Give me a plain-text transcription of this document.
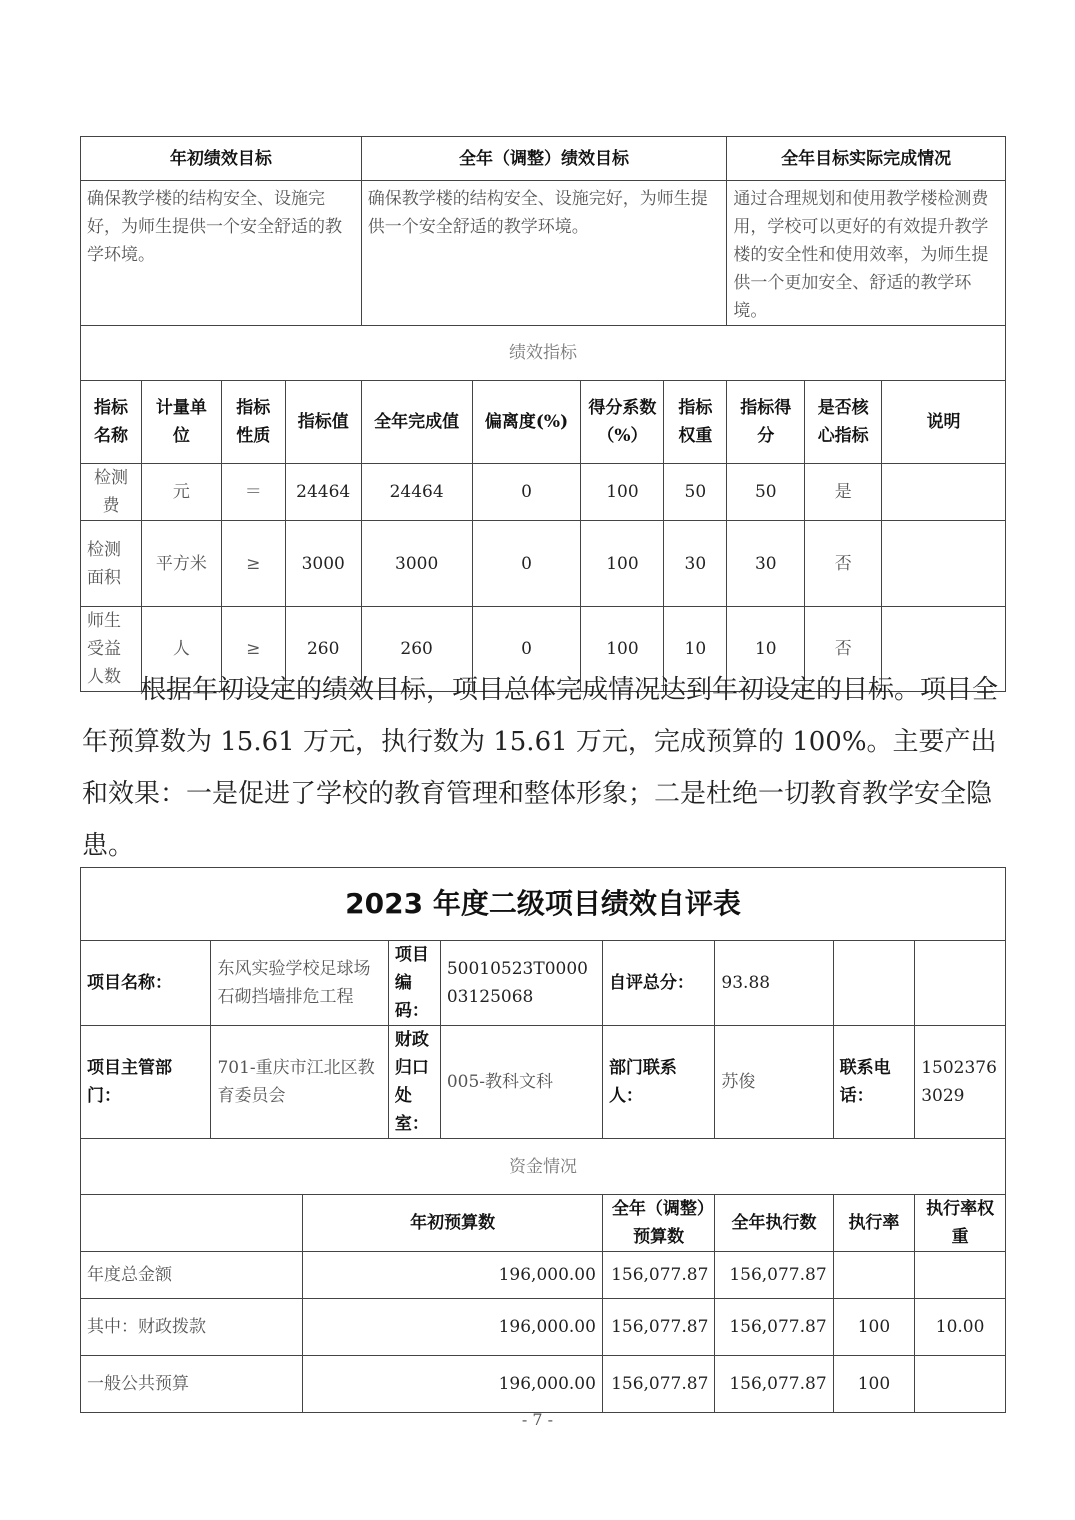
年初绩效目标				全年（调整）绩效目标				全年目标实际完成情况		
确保教学楼的结构安全、设施完好，为师生提供一个安全舒适的教学环境。				确保教学楼的结构安全、设施完好，为师生提供一个安全舒适的教学环境。				通过合理规划和使用教学楼检测费用，学校可以更好的有效提升教学楼的安全性和使用效率，为师生提供一个更加安全、舒适的教学环境。		
绩效指标										
指标名称	计量单位	指标性质	指标值	全年完成值	偏离度(%)	得分系数（%）	指标权重	指标得分	是否核心指标	说明
检测费	元	＝	24464	24464	0	100	50	50	是	
检测面积	平方米	≥	3000	3000	0	100	30	30	否	
师生受益人数	人	≥	260	260	0	100	10	10	否	
根据年初设定的绩效目标，项目总体完成情况达到年初设定的目标。项目全年预算数为 15.61 万元，执行数为 15.61 万元，完成预算的 100%。主要产出和效果：一是促进了学校的教育管理和整体形象；二是杜绝一切教育教学安全隐患。
2023 年度二级项目绩效自评表								
项目名称：	东风实验学校足球场石砌挡墙排危工程		项目编码：	50010523T000003125068	自评总分：	93.88		
项目主管部门：	701-重庆市江北区教育委员会		财政归口处室：	005-教科文科	部门联系人：	苏俊	联系电话：	15023763029
资金情况								
		年初预算数			全年（调整）预算数	全年执行数	执行率	执行率权重
年度总金额		196,000.00			156,077.87	156,077.87		
其中：财政拨款		196,000.00			156,077.87	156,077.87	100	10.00
一般公共预算		196,000.00			156,077.87	156,077.87	100	
- 7 -
